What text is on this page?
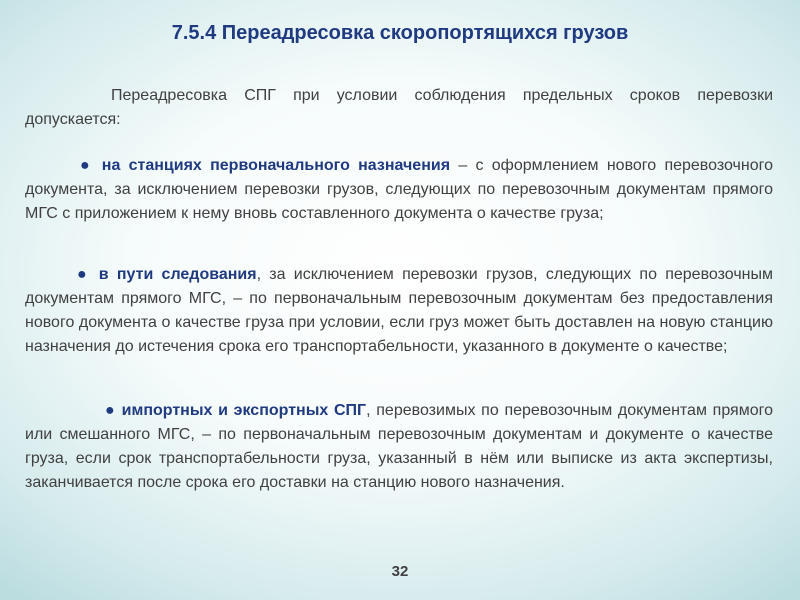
7.5.4 Переадресовка скоропортящихся грузов

Переадресовка СПГ при условии соблюдения предельных сроков перевозки допускается:

● на станциях первоначального назначения – с оформлением нового перевозочного документа, за исключением перевозки грузов, следующих по перевозочным документам прямого МГС с приложением к нему вновь составленного документа о качестве груза;

● в пути следования, за исключением перевозки грузов, следующих по перевозочным документам прямого МГС, – по первоначальным перевозочным документам без предоставления нового документа о качестве груза при условии, если груз может быть доставлен на новую станцию назначения до истечения срока его транспортабельности, указанного в документе о качестве;

● импортных и экспортных СПГ, перевозимых по перевозочным документам прямого или смешанного МГС, – по первоначальным перевозочным документам и документе о качестве груза, если срок транспортабельности груза, указанный в нём или выписке из акта экспертизы, заканчивается после срока его доставки на станцию нового назначения.

32
